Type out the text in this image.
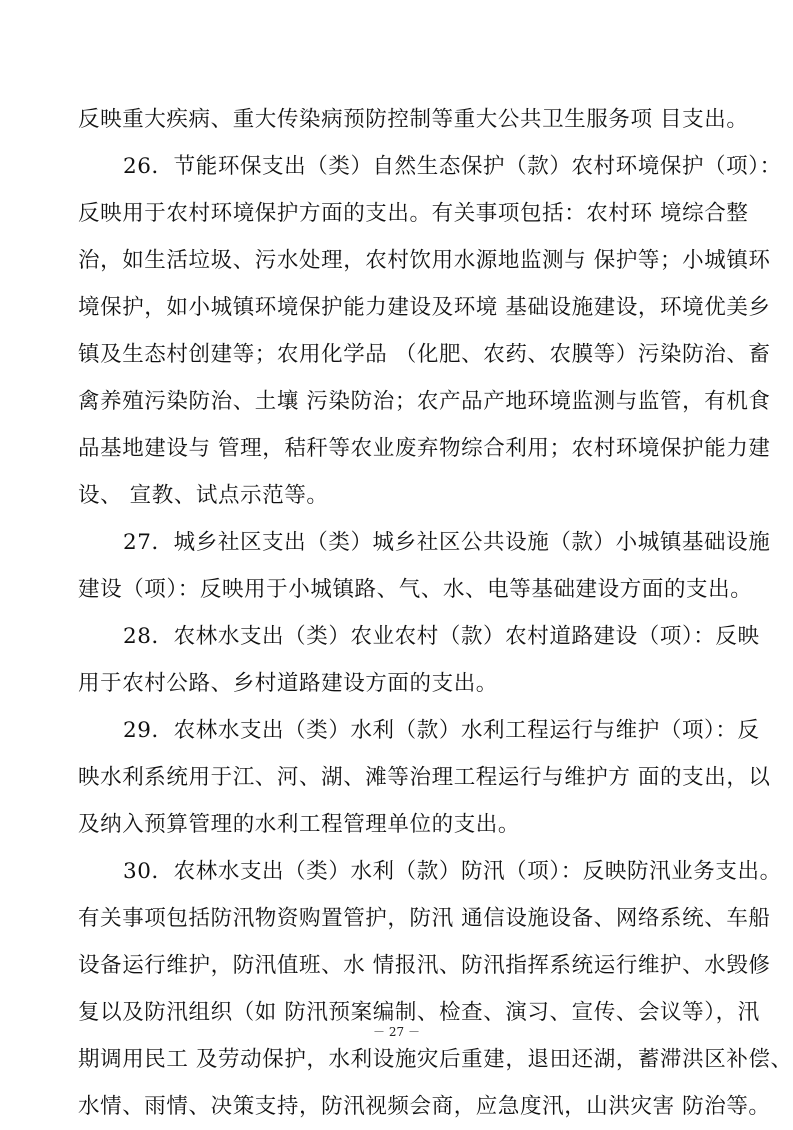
反映重大疾病、重大传染病预防控制等重大公共卫生服务项 目支出。
26．节能环保支出（类）自然生态保护（款）农村环境保护（项）：
反映用于农村环境保护方面的支出。有关事项包括：农村环 境综合整
治，如生活垃圾、污水处理，农村饮用水源地监测与 保护等；小城镇环
境保护，如小城镇环境保护能力建设及环境 基础设施建设，环境优美乡
镇及生态村创建等；农用化学品 （化肥、农药、农膜等）污染防治、畜
禽养殖污染防治、土壤 污染防治；农产品产地环境监测与监管，有机食
品基地建设与 管理，秸秆等农业废弃物综合利用；农村环境保护能力建
设、 宣教、试点示范等。
27．城乡社区支出（类）城乡社区公共设施（款）小城镇基础设施
建设（项）：反映用于小城镇路、气、水、电等基础建设方面的支出。
28．农林水支出（类）农业农村（款）农村道路建设（项）：反映
用于农村公路、乡村道路建设方面的支出。
29．农林水支出（类）水利（款）水利工程运行与维护（项）：反
映水利系统用于江、河、湖、滩等治理工程运行与维护方 面的支出，以
及纳入预算管理的水利工程管理单位的支出。
30．农林水支出（类）水利（款）防汛（项）：反映防汛业务支出。
有关事项包括防汛物资购置管护，防汛 通信设施设备、网络系统、车船
设备运行维护，防汛值班、水 情报汛、防汛指挥系统运行维护、水毁修
复以及防汛组织（如 防汛预案编制、检查、演习、宣传、会议等），汛
期调用民工 及劳动保护，水利设施灾后重建，退田还湖，蓄滞洪区补偿、
水情、雨情、决策支持，防汛视频会商，应急度汛，山洪灾害 防治等。
－ 27 －
